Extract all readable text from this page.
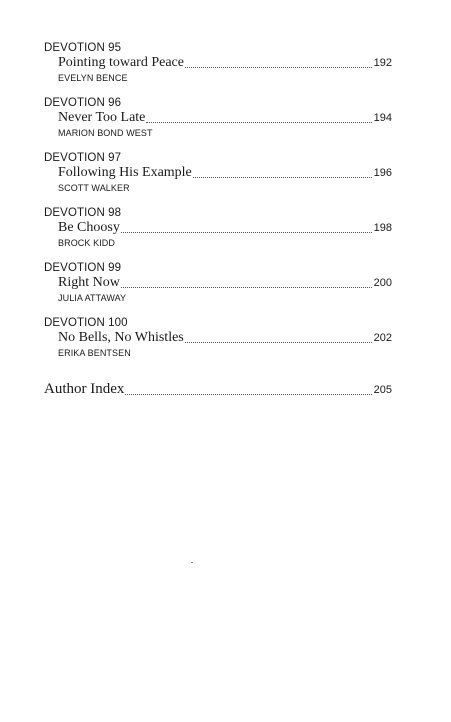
DEVOTION 95
Pointing toward Peace	192
EVELYN BENCE
DEVOTION 96
Never Too Late	194
MARION BOND WEST
DEVOTION 97
Following His Example	196
SCOTT WALKER
DEVOTION 98
Be Choosy	198
BROCK KIDD
DEVOTION 99
Right Now	200
JULIA ATTAWAY
DEVOTION 100
No Bells, No Whistles	202
ERIKA BENTSEN
Author Index	205
